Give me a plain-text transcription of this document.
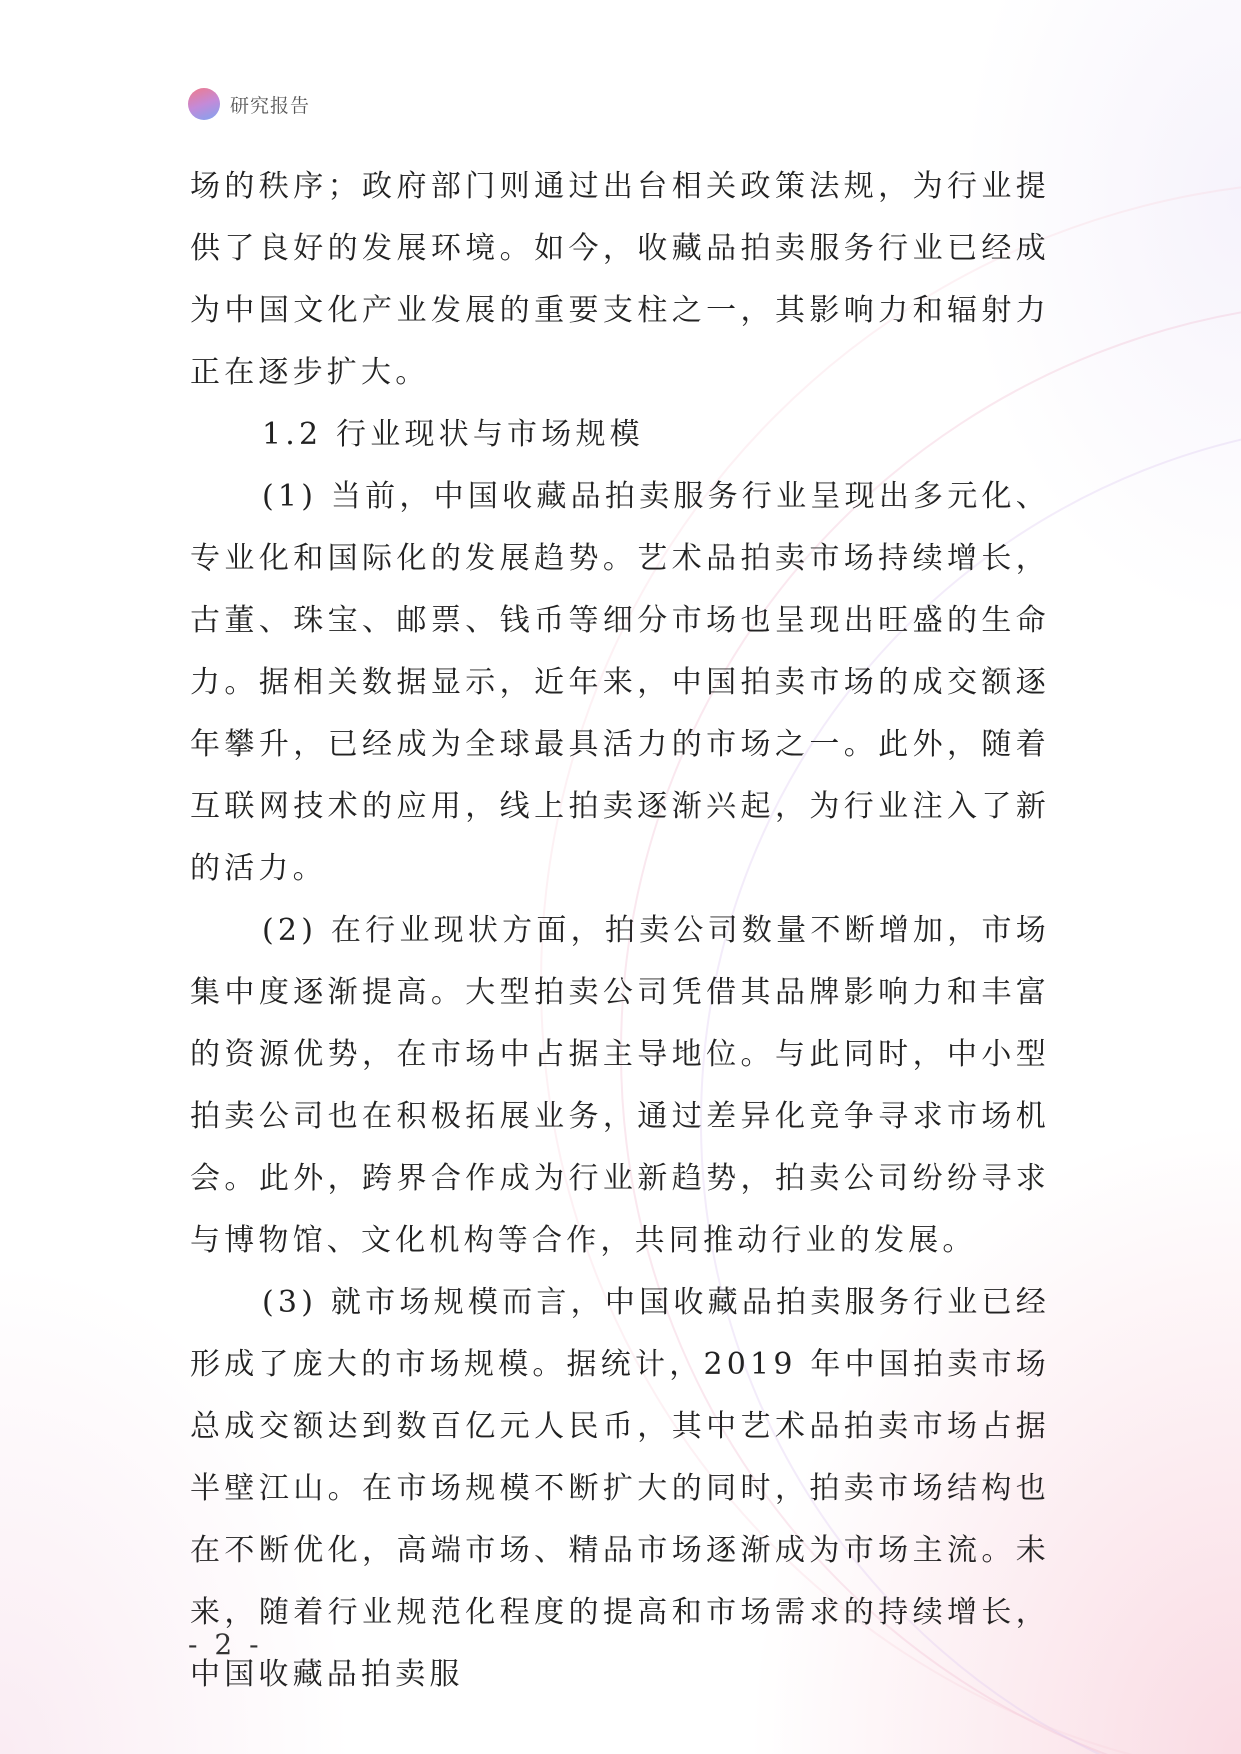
研究报告

场的秩序；政府部门则通过出台相关政策法规，为行业提供了良好的发展环境。如今，收藏品拍卖服务行业已经成为中国文化产业发展的重要支柱之一，其影响力和辐射力正在逐步扩大。

1.2 行业现状与市场规模

(1) 当前，中国收藏品拍卖服务行业呈现出多元化、专业化和国际化的发展趋势。艺术品拍卖市场持续增长，古董、珠宝、邮票、钱币等细分市场也呈现出旺盛的生命力。据相关数据显示，近年来，中国拍卖市场的成交额逐年攀升，已经成为全球最具活力的市场之一。此外，随着互联网技术的应用，线上拍卖逐渐兴起，为行业注入了新的活力。

(2) 在行业现状方面，拍卖公司数量不断增加，市场集中度逐渐提高。大型拍卖公司凭借其品牌影响力和丰富的资源优势，在市场中占据主导地位。与此同时，中小型拍卖公司也在积极拓展业务，通过差异化竞争寻求市场机会。此外，跨界合作成为行业新趋势，拍卖公司纷纷寻求与博物馆、文化机构等合作，共同推动行业的发展。

(3) 就市场规模而言，中国收藏品拍卖服务行业已经形成了庞大的市场规模。据统计，2019 年中国拍卖市场总成交额达到数百亿元人民币，其中艺术品拍卖市场占据半壁江山。在市场规模不断扩大的同时，拍卖市场结构也在不断优化，高端市场、精品市场逐渐成为市场主流。未来，随着行业规范化程度的提高和市场需求的持续增长，中国收藏品拍卖服

- 2 -
